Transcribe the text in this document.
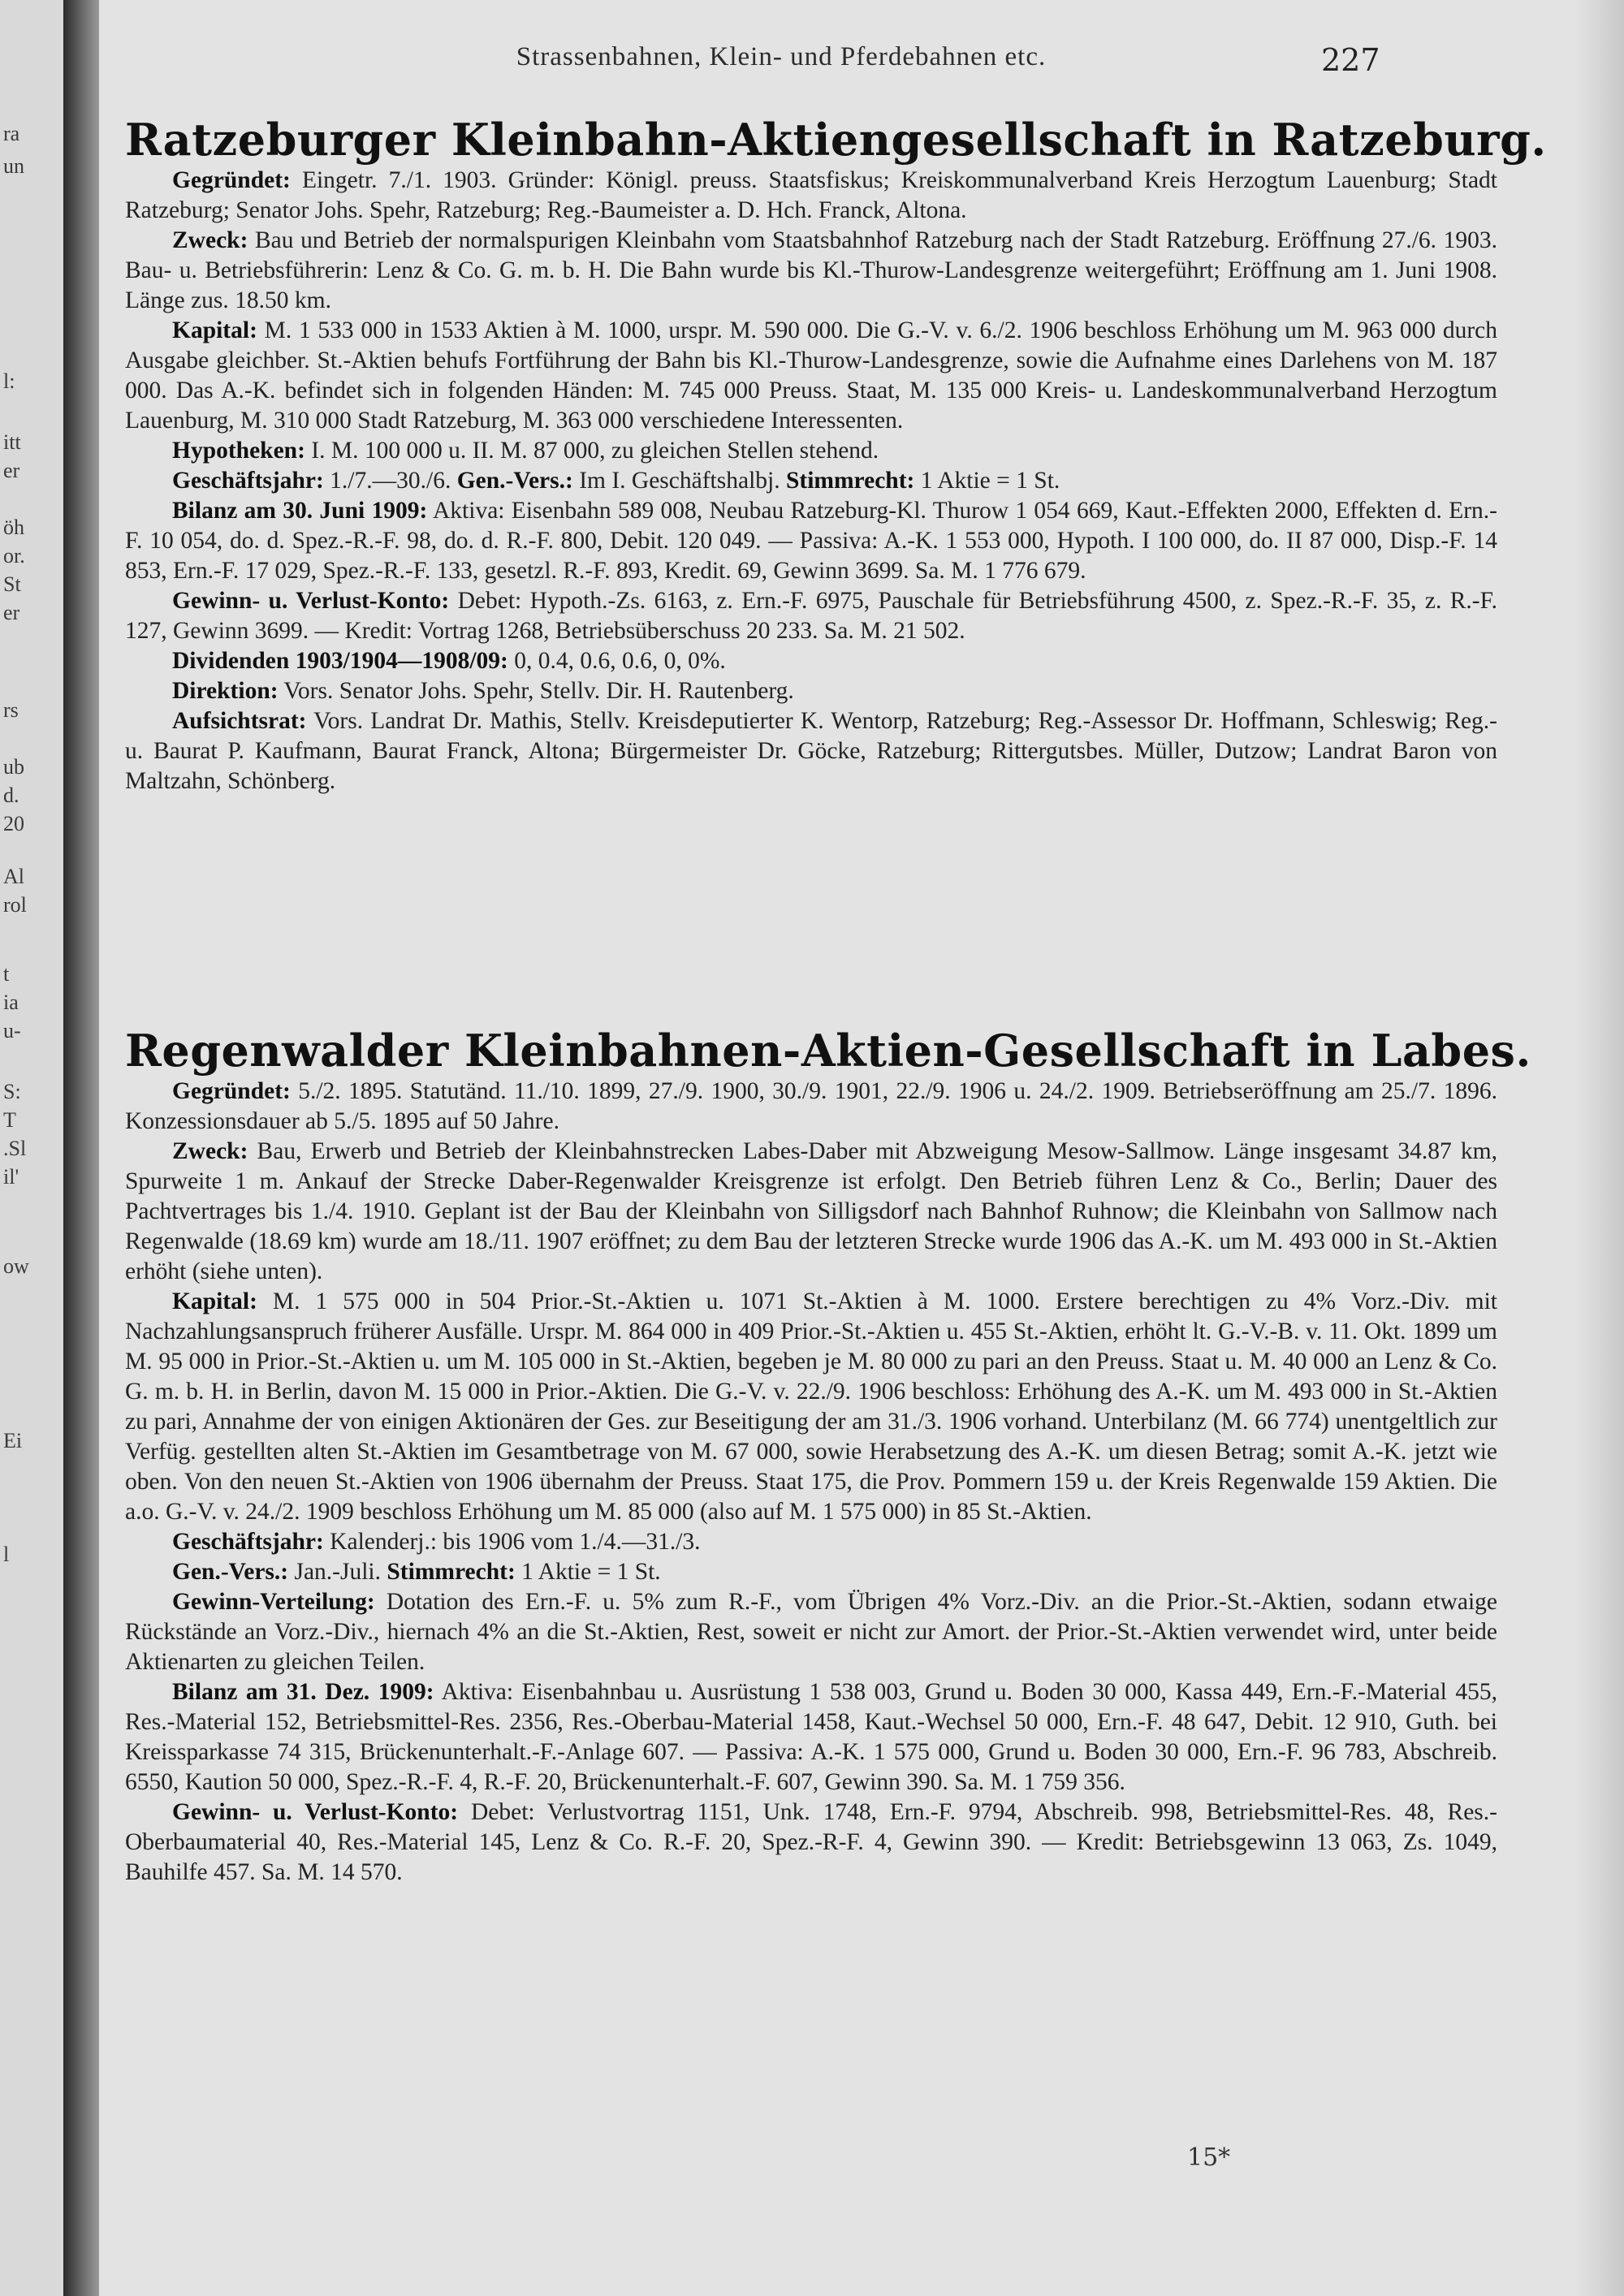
ra
un
l:
itt
er
öh
or.
St
er
rs
ub
d.
20
Al
rol
t
ia
u-
S:
T
.Sl
il'
ow
Ei
l
Strassenbahnen, Klein- und Pferdebahnen etc.	227
Ratzeburger Kleinbahn-Aktiengesellschaft in Ratzeburg.

Gegründet: Eingetr. 7./1. 1903. Gründer: Königl. preuss. Staatsfiskus; Kreiskommunalverband Kreis Herzogtum Lauenburg; Stadt Ratzeburg; Senator Johs. Spehr, Ratzeburg; Reg.-Baumeister a. D. Hch. Franck, Altona.

Zweck: Bau und Betrieb der normalspurigen Kleinbahn vom Staatsbahnhof Ratzeburg nach der Stadt Ratzeburg. Eröffnung 27./6. 1903. Bau- u. Betriebsführerin: Lenz & Co. G. m. b. H. Die Bahn wurde bis Kl.-Thurow-Landesgrenze weitergeführt; Eröffnung am 1. Juni 1908. Länge zus. 18.50 km.

Kapital: M. 1 533 000 in 1533 Aktien à M. 1000, urspr. M. 590 000. Die G.-V. v. 6./2. 1906 beschloss Erhöhung um M. 963 000 durch Ausgabe gleichber. St.-Aktien behufs Fortführung der Bahn bis Kl.-Thurow-Landesgrenze, sowie die Aufnahme eines Darlehens von M. 187 000. Das A.-K. befindet sich in folgenden Händen: M. 745 000 Preuss. Staat, M. 135 000 Kreis- u. Landeskommunalverband Herzogtum Lauenburg, M. 310 000 Stadt Ratzeburg, M. 363 000 verschiedene Interessenten.

Hypotheken: I. M. 100 000 u. II. M. 87 000, zu gleichen Stellen stehend.

Geschäftsjahr: 1./7.—30./6. Gen.-Vers.: Im I. Geschäftshalbj. Stimmrecht: 1 Aktie = 1 St.

Bilanz am 30. Juni 1909: Aktiva: Eisenbahn 589 008, Neubau Ratzeburg-Kl. Thurow 1 054 669, Kaut.-Effekten 2000, Effekten d. Ern.-F. 10 054, do. d. Spez.-R.-F. 98, do. d. R.-F. 800, Debit. 120 049. — Passiva: A.-K. 1 553 000, Hypoth. I 100 000, do. II 87 000, Disp.-F. 14 853, Ern.-F. 17 029, Spez.-R.-F. 133, gesetzl. R.-F. 893, Kredit. 69, Gewinn 3699. Sa. M. 1 776 679.

Gewinn- u. Verlust-Konto: Debet: Hypoth.-Zs. 6163, z. Ern.-F. 6975, Pauschale für Betriebsführung 4500, z. Spez.-R.-F. 35, z. R.-F. 127, Gewinn 3699. — Kredit: Vortrag 1268, Betriebsüberschuss 20 233. Sa. M. 21 502.

Dividenden 1903/1904—1908/09: 0, 0.4, 0.6, 0.6, 0, 0%.

Direktion: Vors. Senator Johs. Spehr, Stellv. Dir. H. Rautenberg.

Aufsichtsrat: Vors. Landrat Dr. Mathis, Stellv. Kreisdeputierter K. Wentorp, Ratzeburg; Reg.-Assessor Dr. Hoffmann, Schleswig; Reg.- u. Baurat P. Kaufmann, Baurat Franck, Altona; Bürgermeister Dr. Göcke, Ratzeburg; Rittergutsbes. Müller, Dutzow; Landrat Baron von Maltzahn, Schönberg.

Regenwalder Kleinbahnen-Aktien-Gesellschaft in Labes.

Gegründet: 5./2. 1895. Statutänd. 11./10. 1899, 27./9. 1900, 30./9. 1901, 22./9. 1906 u. 24./2. 1909. Betriebseröffnung am 25./7. 1896. Konzessionsdauer ab 5./5. 1895 auf 50 Jahre.

Zweck: Bau, Erwerb und Betrieb der Kleinbahnstrecken Labes-Daber mit Abzweigung Mesow-Sallmow. Länge insgesamt 34.87 km, Spurweite 1 m. Ankauf der Strecke Daber-Regenwalder Kreisgrenze ist erfolgt. Den Betrieb führen Lenz & Co., Berlin; Dauer des Pachtvertrages bis 1./4. 1910. Geplant ist der Bau der Kleinbahn von Silligsdorf nach Bahnhof Ruhnow; die Kleinbahn von Sallmow nach Regenwalde (18.69 km) wurde am 18./11. 1907 eröffnet; zu dem Bau der letzteren Strecke wurde 1906 das A.-K. um M. 493 000 in St.-Aktien erhöht (siehe unten).

Kapital: M. 1 575 000 in 504 Prior.-St.-Aktien u. 1071 St.-Aktien à M. 1000. Erstere berechtigen zu 4% Vorz.-Div. mit Nachzahlungsanspruch früherer Ausfälle. Urspr. M. 864 000 in 409 Prior.-St.-Aktien u. 455 St.-Aktien, erhöht lt. G.-V.-B. v. 11. Okt. 1899 um M. 95 000 in Prior.-St.-Aktien u. um M. 105 000 in St.-Aktien, begeben je M. 80 000 zu pari an den Preuss. Staat u. M. 40 000 an Lenz & Co. G. m. b. H. in Berlin, davon M. 15 000 in Prior.-Aktien. Die G.-V. v. 22./9. 1906 beschloss: Erhöhung des A.-K. um M. 493 000 in St.-Aktien zu pari, Annahme der von einigen Aktionären der Ges. zur Beseitigung der am 31./3. 1906 vorhand. Unterbilanz (M. 66 774) unentgeltlich zur Verfüg. gestellten alten St.-Aktien im Gesamtbetrage von M. 67 000, sowie Herabsetzung des A.-K. um diesen Betrag; somit A.-K. jetzt wie oben. Von den neuen St.-Aktien von 1906 übernahm der Preuss. Staat 175, die Prov. Pommern 159 u. der Kreis Regenwalde 159 Aktien. Die a.o. G.-V. v. 24./2. 1909 beschloss Erhöhung um M. 85 000 (also auf M. 1 575 000) in 85 St.-Aktien.

Geschäftsjahr: Kalenderj.: bis 1906 vom 1./4.—31./3.

Gen.-Vers.: Jan.-Juli. Stimmrecht: 1 Aktie = 1 St.

Gewinn-Verteilung: Dotation des Ern.-F. u. 5% zum R.-F., vom Übrigen 4% Vorz.-Div. an die Prior.-St.-Aktien, sodann etwaige Rückstände an Vorz.-Div., hiernach 4% an die St.-Aktien, Rest, soweit er nicht zur Amort. der Prior.-St.-Aktien verwendet wird, unter beide Aktienarten zu gleichen Teilen.

Bilanz am 31. Dez. 1909: Aktiva: Eisenbahnbau u. Ausrüstung 1 538 003, Grund u. Boden 30 000, Kassa 449, Ern.-F.-Material 455, Res.-Material 152, Betriebsmittel-Res. 2356, Res.-Oberbau-Material 1458, Kaut.-Wechsel 50 000, Ern.-F. 48 647, Debit. 12 910, Guth. bei Kreissparkasse 74 315, Brückenunterhalt.-F.-Anlage 607. — Passiva: A.-K. 1 575 000, Grund u. Boden 30 000, Ern.-F. 96 783, Abschreib. 6550, Kaution 50 000, Spez.-R.-F. 4, R.-F. 20, Brückenunterhalt.-F. 607, Gewinn 390. Sa. M. 1 759 356.

Gewinn- u. Verlust-Konto: Debet: Verlustvortrag 1151, Unk. 1748, Ern.-F. 9794, Abschreib. 998, Betriebsmittel-Res. 48, Res.-Oberbaumaterial 40, Res.-Material 145, Lenz & Co. R.-F. 20, Spez.-R-F. 4, Gewinn 390. — Kredit: Betriebsgewinn 13 063, Zs. 1049, Bauhilfe 457. Sa. M. 14 570.

15*
